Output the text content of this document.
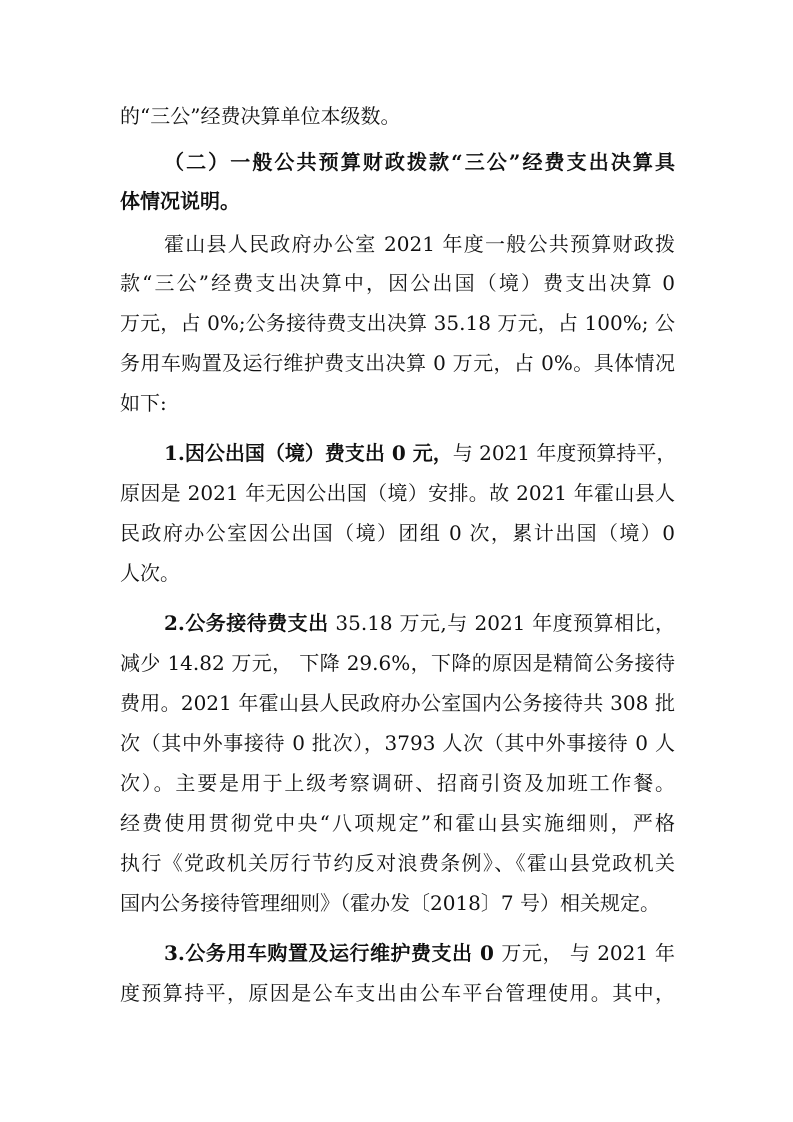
的“三公”经费决算单位本级数。
（二）一般公共预算财政拨款“三公”经费支出决算具
体情况说明。
霍山县人民政府办公室 2021 年度一般公共预算财政拨
款“三公”经费支出决算中，因公出国（境）费支出决算 0
万元，占 0%;公务接待费支出决算 35.18 万元，占 100%; 公
务用车购置及运行维护费支出决算 0 万元，占 0%。具体情况
如下:
1.因公出国（境）费支出 0 元，与 2021 年度预算持平，
原因是 2021 年无因公出国（境）安排。故 2021 年霍山县人
民政府办公室因公出国（境）团组 0 次，累计出国（境）0
人次。
2.公务接待费支出 35.18 万元,与 2021 年度预算相比，
减少 14.82 万元， 下降 29.6%，下降的原因是精简公务接待
费用。2021 年霍山县人民政府办公室国内公务接待共 308 批
次（其中外事接待 0 批次），3793 人次（其中外事接待 0 人
次）。主要是用于上级考察调研、招商引资及加班工作餐。
经费使用贯彻党中央“八项规定”和霍山县实施细则，严格
执行《党政机关厉行节约反对浪费条例》、《霍山县党政机关
国内公务接待管理细则》（霍办发〔2018〕7 号）相关规定。
3.公务用车购置及运行维护费支出 0 万元， 与 2021 年
度预算持平，原因是公车支出由公车平台管理使用。其中，
